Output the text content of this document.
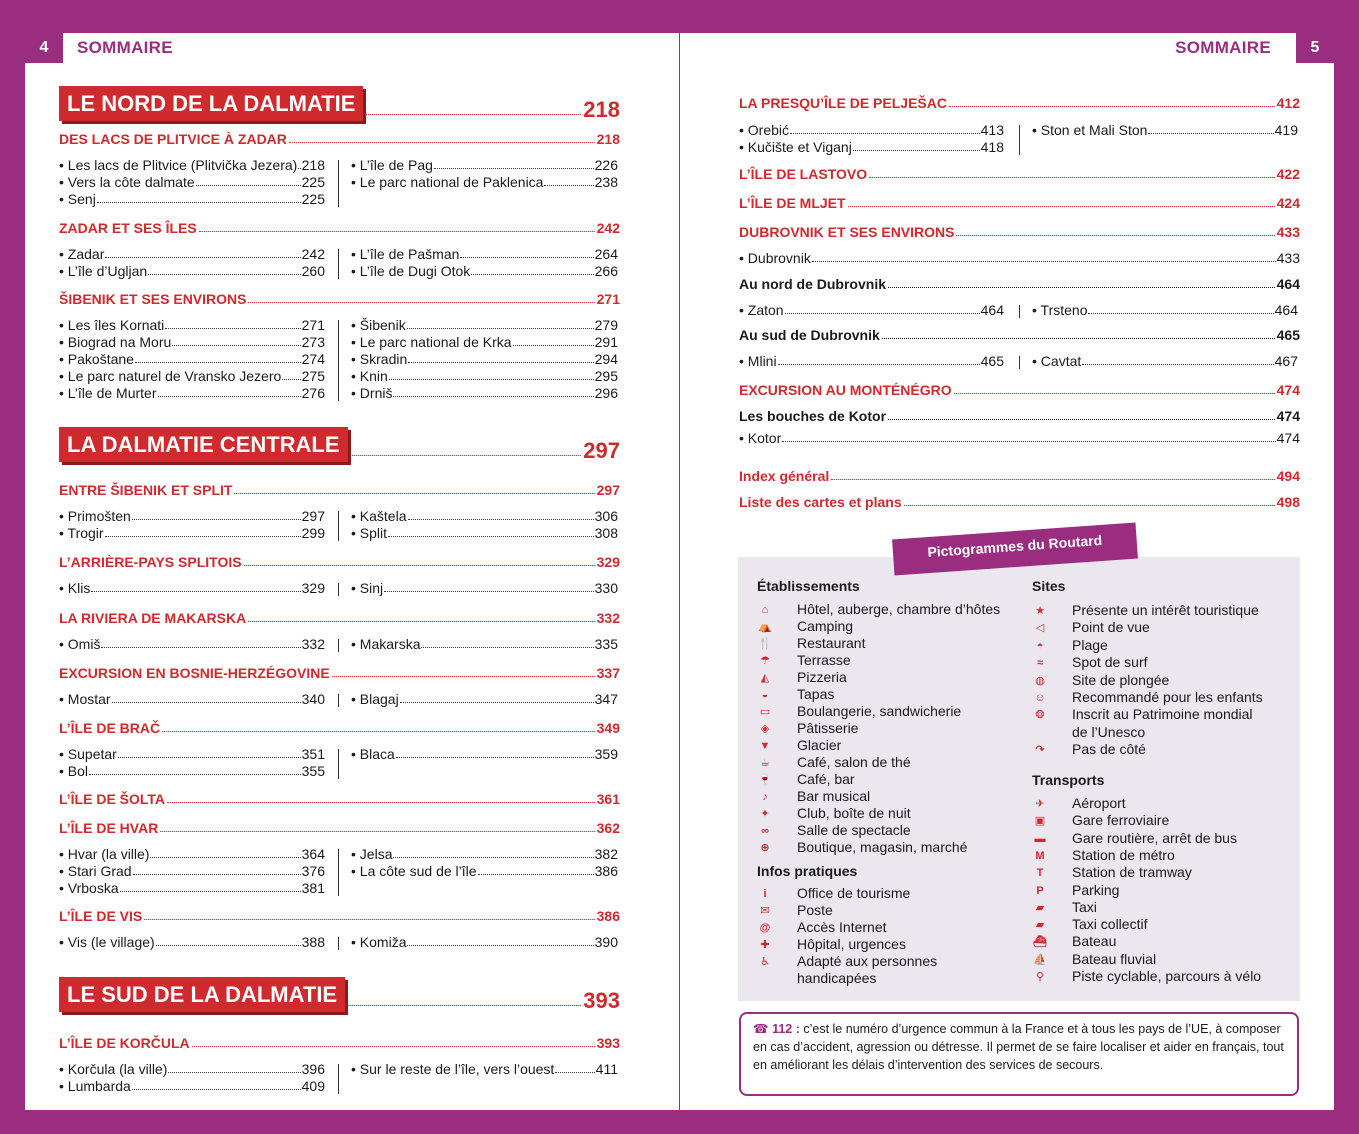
4	SOMMAIRE	SOMMAIRE	5
LE NORD DE LA DALMATIE	218
LA DALMATIE CENTRALE	297
LE SUD DE LA DALMATIE	393
DES LACS DE PLITVICE À ZADAR	218
• Les lacs de Plitvice (Plitvička Jezera) 218
• Vers la côte dalmate	225
• Senj	225
• L’île de Pag	226
• Le parc national de Paklenica	238
ZADAR ET SES ÎLES	242
• Zadar	242
• L’île d’Ugljan	260
• L’île de Pašman	264
• L’île de Dugi Otok	266
ŠIBENIK ET SES ENVIRONS	271
• Les îles Kornati	271
• Biograd na Moru	273
• Pakoštane	274
• Le parc naturel de Vransko Jezero 275
• L’île de Murter	276
• Šibenik	279
• Le parc national de Krka	291
• Skradin	294
• Knin	295
• Drniš	296
ENTRE ŠIBENIK ET SPLIT	297
• Primošten	297
• Trogir	299
• Kaštela	306
• Split	308
L’ARRIÈRE-PAYS SPLITOIS	329
• Klis	329 • Sinj	330
LA RIVIERA DE MAKARSKA	332
• Omiš	332 • Makarska	335
EXCURSION EN BOSNIE-HERZÉGOVINE	337
• Mostar	340 • Blagaj	347
L’ÎLE DE BRAČ	349
• Supetar	351
• Bol	355
• Blaca	359
L’ÎLE DE ŠOLTA	361
L’ÎLE DE HVAR	362
• Hvar (la ville)	364
• Stari Grad	376
• Vrboska	381
• Jelsa	382
• La côte sud de l’île	386
L’ÎLE DE VIS	386
• Vis (le village)	388 • Komiža	390
L’ÎLE DE KORČULA	393
• Korčula (la ville)	396
• Lumbarda	409
• Sur le reste de l’île, vers l’ouest	411
LA PRESQU’ÎLE DE PELJEŠAC	412
• Orebić	413
• Kučište et Viganj	418
• Ston et Mali Ston	419
L’ÎLE DE LASTOVO	422
L’ÎLE DE MLJET	424
DUBROVNIK ET SES ENVIRONS	433
• Dubrovnik	433
Au nord de Dubrovnik	464
• Zaton	464 • Trsteno	464
Au sud de Dubrovnik	465
• Mlini	465 • Cavtat	467
EXCURSION AU MONTÉNÉGRO	474
Les bouches de Kotor	474
• Kotor	474
Index général	494
Liste des cartes et plans	498
Pictogrammes du Routard
Établissements
⌂	Hôtel, auberge, chambre d’hôtes
⛺ Camping
🍴 Restaurant
☂ Terrasse
◭ Pizzeria
◒	Tapas
▭ Boulangerie, sandwicherie
◈ Pâtisserie
▼ Glacier
☕ Café, salon de thé
🍷 Café, bar
♪	Bar musical
✦ Club, boîte de nuit
∞ Salle de spectacle
⊕ Boutique, magasin, marché
Infos pratiques
i	Office de tourisme
✉ Poste
@ Accès Internet
✚ Hôpital, urgences
♿ Adapté aux personnes
handicapées
Sites
★ Présente un intérêt touristique
◁ Point de vue
◓	Plage
≈	Spot de surf
◍ Site de plongée
☺ Recommandé pour les enfants
❂ Inscrit au Patrimoine mondial
de l’Unesco
↷ Pas de côté
Transports
✈ Aéroport
▣ Gare ferroviaire
▬ Gare routière, arrêt de bus
M Station de métro
T	Station de tramway
P	Parking
▰ Taxi
▰ Taxi collectif
⛴ Bateau
⛵ Bateau fluvial
⚲ Piste cyclable, parcours à vélo
☎ 112 : c’est le numéro d’urgence commun à la France et à tous les pays de l’UE, à composer en cas d’accident, agression ou détresse. Il permet de se faire localiser et aider en français, tout en améliorant les délais d’intervention des services de secours.
